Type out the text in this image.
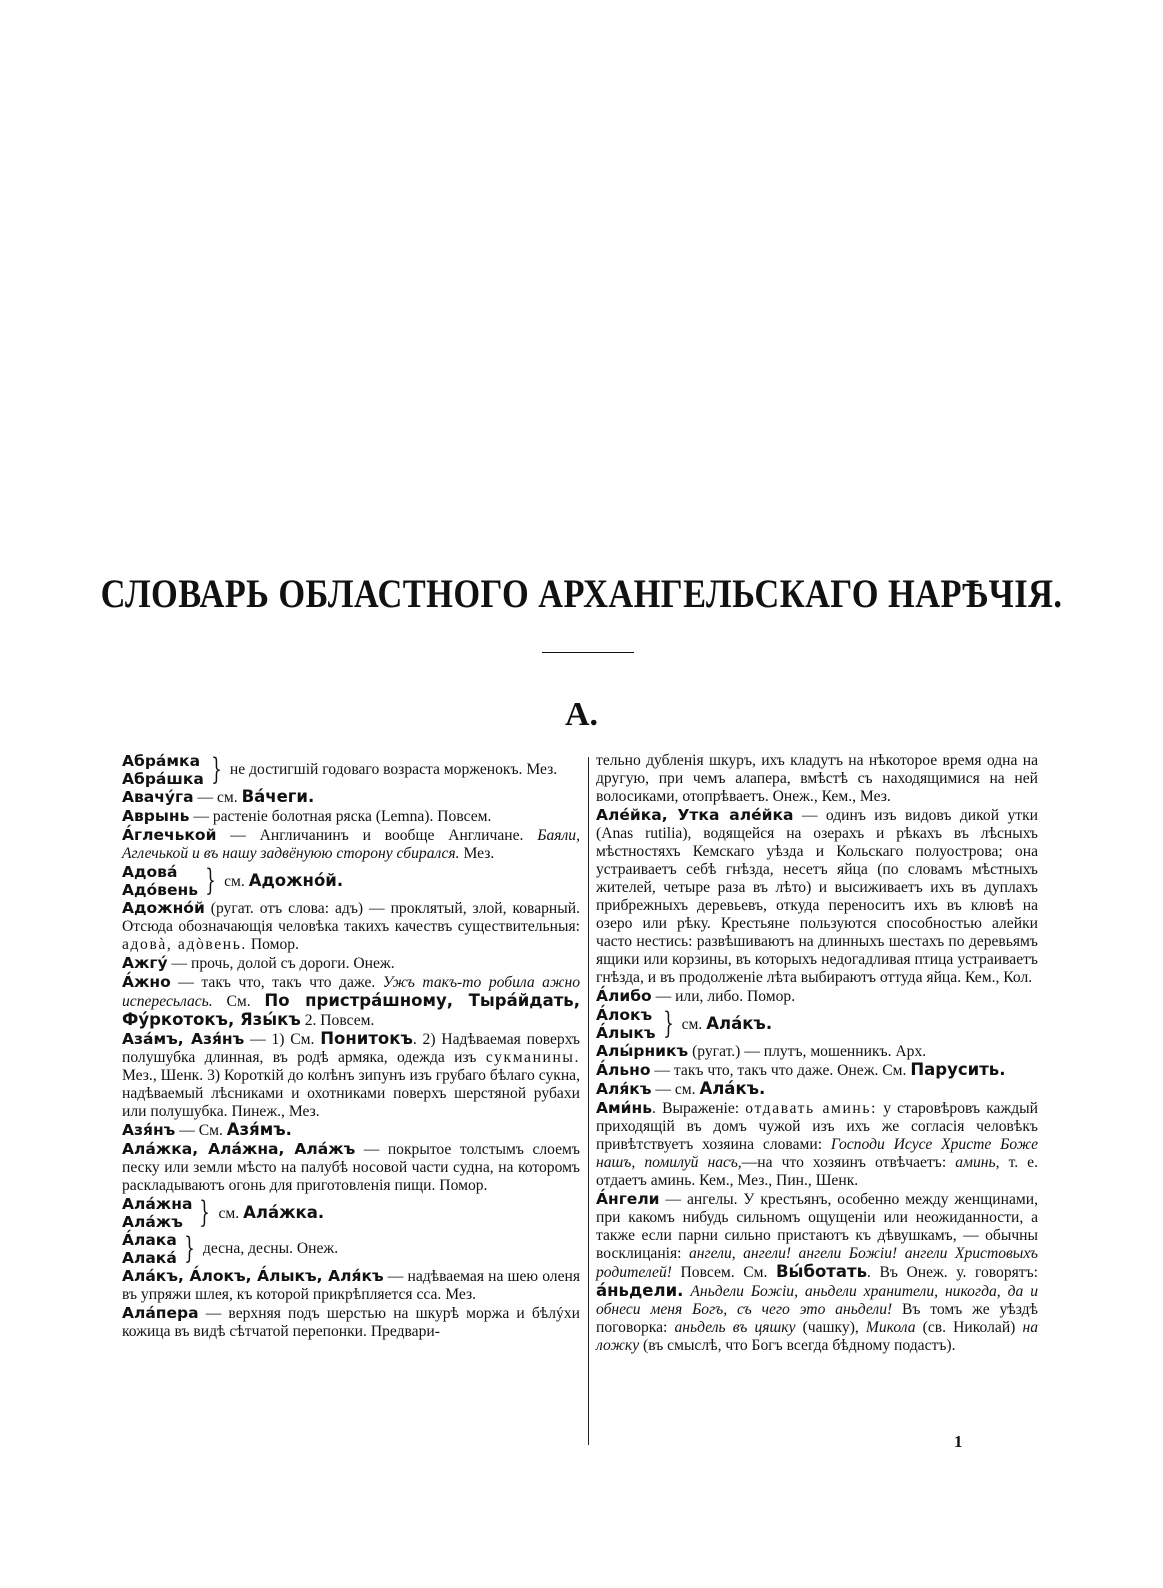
СЛОВАРЬ ОБЛАСТНОГО АРХАНГЕЛЬСКАГО НАРѢЧІЯ.
А.
Абрáмка
Абрáшка } не достигшій годоваго возраста морженокъ. Мез.

Авачýга — см. Вáчеги.

Аврынь — растеніе болотная ряска (Lemna). Повсем.

А́глечькой — Англичанинъ и вообще Англичане. Баяли, Аглечькой и въ нашу задвёнуюю сторону сбирался. Мез.

Адовá
Адóвень } см. Адожнóй.

Адожнóй (ругат. отъ слова: адъ) — проклятый, злой, коварный. Отсюда обозначающія человѣка такихъ качествъ существительныя: адовà, адòвень. Помор.

Ажгý — прочь, долой съ дороги. Онеж.

А́жно — такъ что, такъ что даже. Ужъ такъ-то робила ажно испересьлась. См. По пристрáшному, Тырáйдать, Фýркотокъ, Язы́къ 2. Повсем.

Азáмъ, Азя́нъ — 1) См. Понитокъ. 2) Надѣваемая поверхъ полушубка длинная, въ родѣ армяка, одежда изъ сукманины. Мез., Шенк. 3) Короткій до колѣнъ зипунъ изъ грубаго бѣлаго сукна, надѣваемый лѣсниками и охотниками поверхъ шерстяной рубахи или полушубка. Пинеж., Мез.

Азя́нъ — См. Азя́мъ.

Алáжка, Алáжна, Алáжъ — покрытое толстымъ слоемъ песку или земли мѣсто на палубѣ носовой части судна, на которомъ раскладываютъ огонь для приготовленія пищи. Помор.

Алáжна
Алáжъ } см. Алáжка.
А́лака
Алакá } десна, десны. Онеж.

Алáкъ, А́локъ, А́лыкъ, Аля́къ — надѣваемая на шею оленя въ упряжи шлея, къ которой прикрѣпляется сса. Мез.

Алáпера — верхняя подъ шерстью на шкурѣ моржа и бѣлýхи кожица въ видѣ сѣтчатой перепонки. Предвари-

тельно дубленія шкуръ, ихъ кладутъ на нѣкоторое время одна на другую, при чемъ алапера, вмѣстѣ съ находящимися на ней волосиками, отопрѣваетъ. Онеж., Кем., Мез.

Алéйка, Утка алéйка — одинъ изъ видовъ дикой утки (Anas rutilia), водящейся на озерахъ и рѣкахъ въ лѣсныхъ мѣстностяхъ Кемскаго уѣзда и Кольскаго полуострова; она устраиваетъ себѣ гнѣзда, несетъ яйца (по словамъ мѣстныхъ жителей, четыре раза въ лѣто) и высиживаетъ ихъ въ дуплахъ прибрежныхъ деревьевъ, откуда переноситъ ихъ въ клювѣ на озеро или рѣку. Крестьяне пользуются способностью алейки часто нестись: развѣшиваютъ на длинныхъ шестахъ по деревьямъ ящики или корзины, въ которыхъ недогадливая птица устраиваетъ гнѣзда, и въ продолженіе лѣта выбираютъ оттуда яйца. Кем., Кол.

А́либо — или, либо. Помор.

А́локъ
А́лыкъ } см. Алáкъ.

Алы́рникъ (ругат.) — плутъ, мошенникъ. Арх.

А́льно — такъ что, такъ что даже. Онеж. См. Парусить.

Аля́къ — см. Алáкъ.

Ами́нь. Выраженіе: отдавать аминь: у старовѣровъ каждый приходящій въ домъ чужой изъ ихъ же согласія человѣкъ привѣтствуетъ хозяина словами: Господи Исусе Христе Боже нашъ, помилуй насъ,—на что хозяинъ отвѣчаетъ: аминь, т. е. отдаетъ аминь. Кем., Мез., Пин., Шенк.

А́нгели — ангелы. У крестьянъ, особенно между женщинами, при какомъ нибудь сильномъ ощущеніи или неожиданности, а также если парни сильно пристаютъ къ дѣвушкамъ, — обычны восклицанія: ангели, ангели! ангели Божіи! ангели Христовыхъ родителей! Повсем. См. Вы́ботать. Въ Онеж. у. говорятъ: áньдели. Аньдели Божіи, аньдели хранители, никогда, да и обнеси меня Богъ, съ чего это аньдели! Въ томъ же уѣздѣ поговорка: аньдель въ цяшку (чашку), Микола (св. Николай) на ложку (въ смыслѣ, что Богъ всегда бѣдному подастъ).

1
